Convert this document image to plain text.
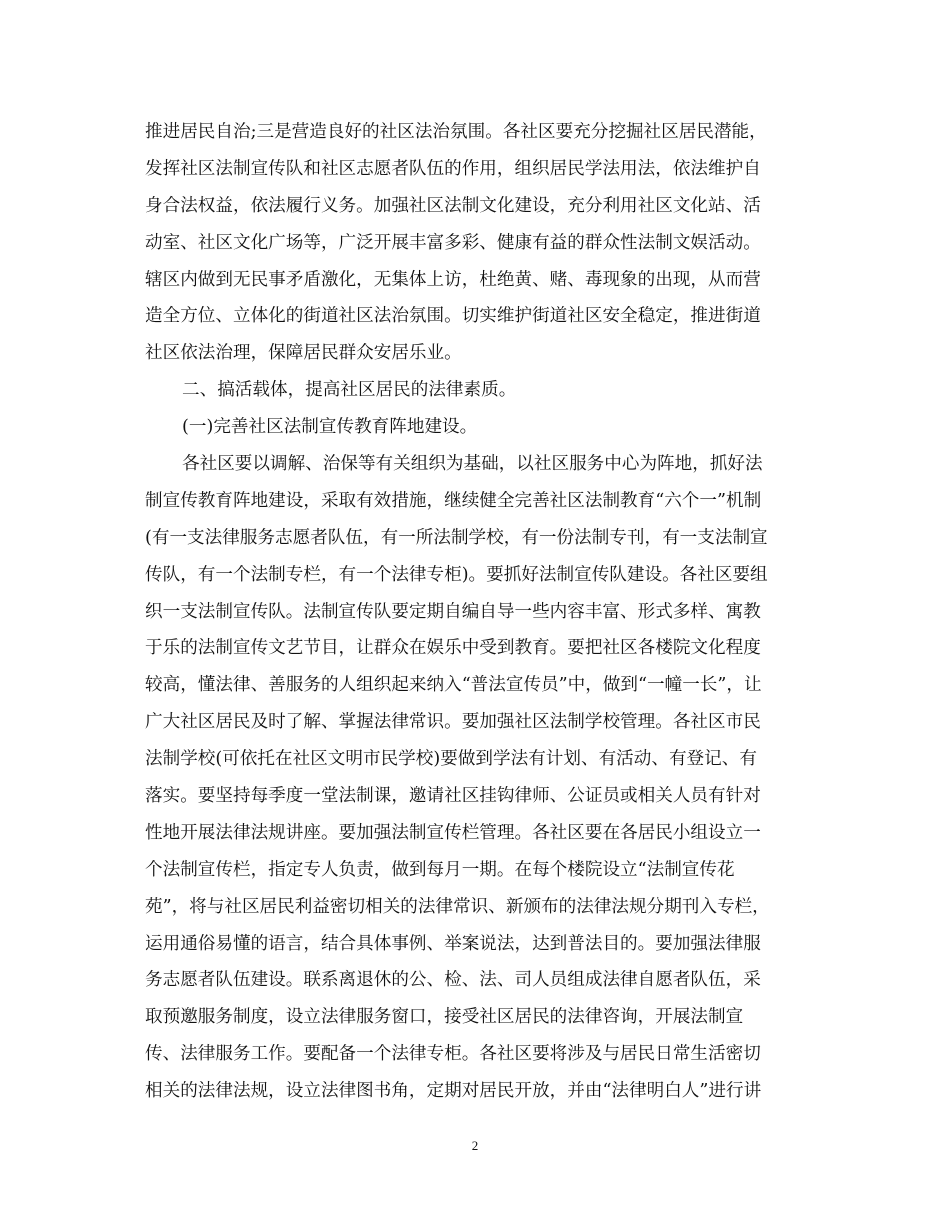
推进居民自治;三是营造良好的社区法治氛围。各社区要充分挖掘社区居民潜能，
发挥社区法制宣传队和社区志愿者队伍的作用，组织居民学法用法，依法维护自
身合法权益，依法履行义务。加强社区法制文化建设，充分利用社区文化站、活
动室、社区文化广场等，广泛开展丰富多彩、健康有益的群众性法制文娱活动。
辖区内做到无民事矛盾激化，无集体上访，杜绝黄、赌、毒现象的出现，从而营
造全方位、立体化的街道社区法治氛围。切实维护街道社区安全稳定，推进街道
社区依法治理，保障居民群众安居乐业。
二、搞活载体，提高社区居民的法律素质。
(一)完善社区法制宣传教育阵地建设。
各社区要以调解、治保等有关组织为基础，以社区服务中心为阵地，抓好法
制宣传教育阵地建设，采取有效措施，继续健全完善社区法制教育“六个一”机制
(有一支法律服务志愿者队伍，有一所法制学校，有一份法制专刊，有一支法制宣
传队，有一个法制专栏，有一个法律专柜)。要抓好法制宣传队建设。各社区要组
织一支法制宣传队。法制宣传队要定期自编自导一些内容丰富、形式多样、寓教
于乐的法制宣传文艺节目，让群众在娱乐中受到教育。要把社区各楼院文化程度
较高，懂法律、善服务的人组织起来纳入“普法宣传员”中，做到“一幢一长”，让
广大社区居民及时了解、掌握法律常识。要加强社区法制学校管理。各社区市民
法制学校(可依托在社区文明市民学校)要做到学法有计划、有活动、有登记、有
落实。要坚持每季度一堂法制课，邀请社区挂钩律师、公证员或相关人员有针对
性地开展法律法规讲座。要加强法制宣传栏管理。各社区要在各居民小组设立一
个法制宣传栏，指定专人负责，做到每月一期。在每个楼院设立“法制宣传花
苑”，将与社区居民利益密切相关的法律常识、新颁布的法律法规分期刊入专栏，
运用通俗易懂的语言，结合具体事例、举案说法，达到普法目的。要加强法律服
务志愿者队伍建设。联系离退休的公、检、法、司人员组成法律自愿者队伍，采
取预邀服务制度，设立法律服务窗口，接受社区居民的法律咨询，开展法制宣
传、法律服务工作。要配备一个法律专柜。各社区要将涉及与居民日常生活密切
相关的法律法规，设立法律图书角，定期对居民开放，并由“法律明白人”进行讲
2
